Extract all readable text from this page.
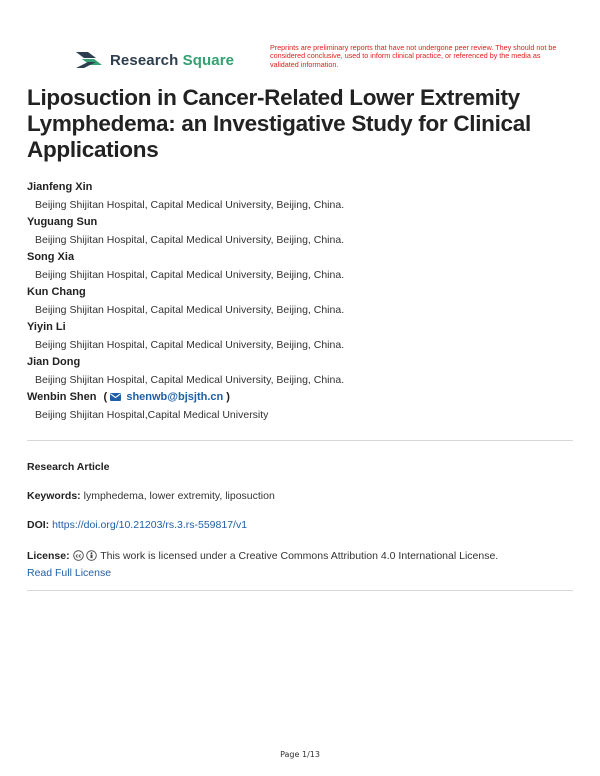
Research Square
Preprints are preliminary reports that have not undergone peer review. They should not be considered conclusive, used to inform clinical practice, or referenced by the media as validated information.
Liposuction in Cancer-Related Lower Extremity Lymphedema: an Investigative Study for Clinical Applications
Jianfeng Xin
Beijing Shijitan Hospital, Capital Medical University, Beijing, China.
Yuguang Sun
Beijing Shijitan Hospital, Capital Medical University, Beijing, China.
Song Xia
Beijing Shijitan Hospital, Capital Medical University, Beijing, China.
Kun Chang
Beijing Shijitan Hospital, Capital Medical University, Beijing, China.
Yiyin Li
Beijing Shijitan Hospital, Capital Medical University, Beijing, China.
Jian Dong
Beijing Shijitan Hospital, Capital Medical University, Beijing, China.
Wenbin Shen ( shenwb@bjsjth.cn )
Beijing Shijitan Hospital,Capital Medical University
Research Article
Keywords: lymphedema, lower extremity, liposuction
DOI: https://doi.org/10.21203/rs.3.rs-559817/v1
License: cc This work is licensed under a Creative Commons Attribution 4.0 International License.
Read Full License
Page 1/13
